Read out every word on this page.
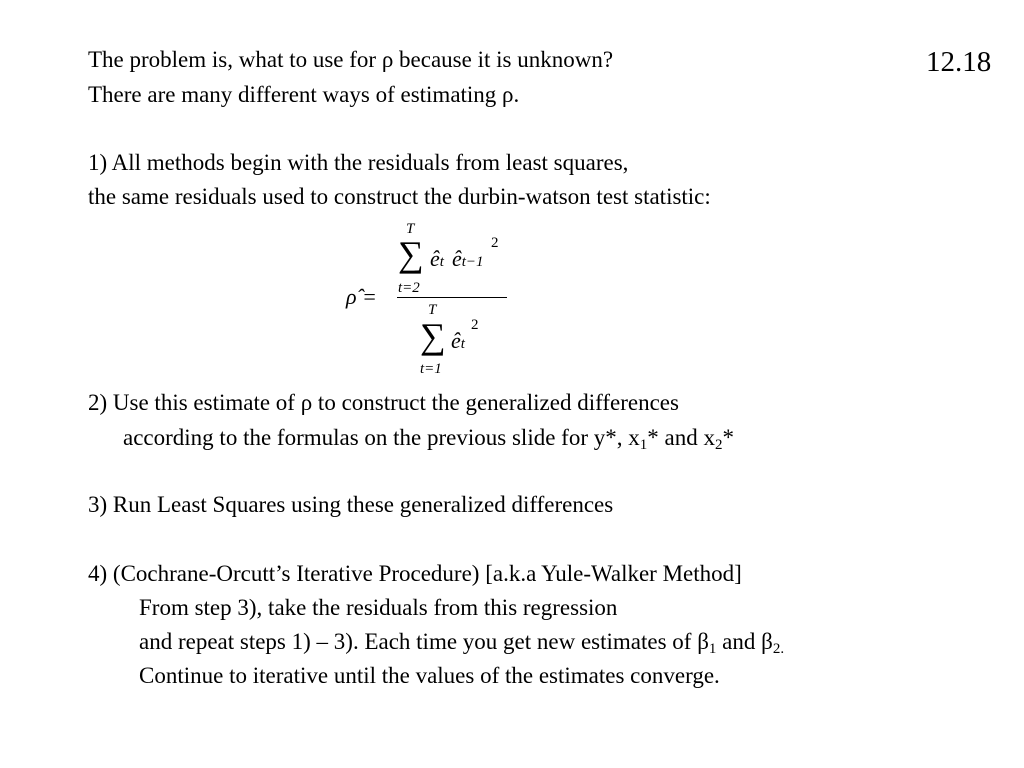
12.18
The problem is, what to use for ρ because it is unknown?
There are many different ways of estimating ρ.
1) All methods begin with the residuals from least squares,
the same residuals used to construct the durbin-watson test statistic:
ρ̂ =
T
∑
t=2
êt êt−1
2
T
∑
t=1
êt
2
2) Use this estimate of ρ to construct the generalized differences
according to the formulas on the previous slide for y*, $x_1*$ and $x_2*$
3) Run Least Squares using these generalized differences
4) (Cochrane-Orcutt’s Iterative Procedure) [a.k.a Yule-Walker Method]
From step 3), take the residuals from this regression
and repeat steps 1) – 3). Each time you get new estimates of $\beta_1$ and $\beta_{2.}$
Continue to iterative until the values of the estimates converge.
